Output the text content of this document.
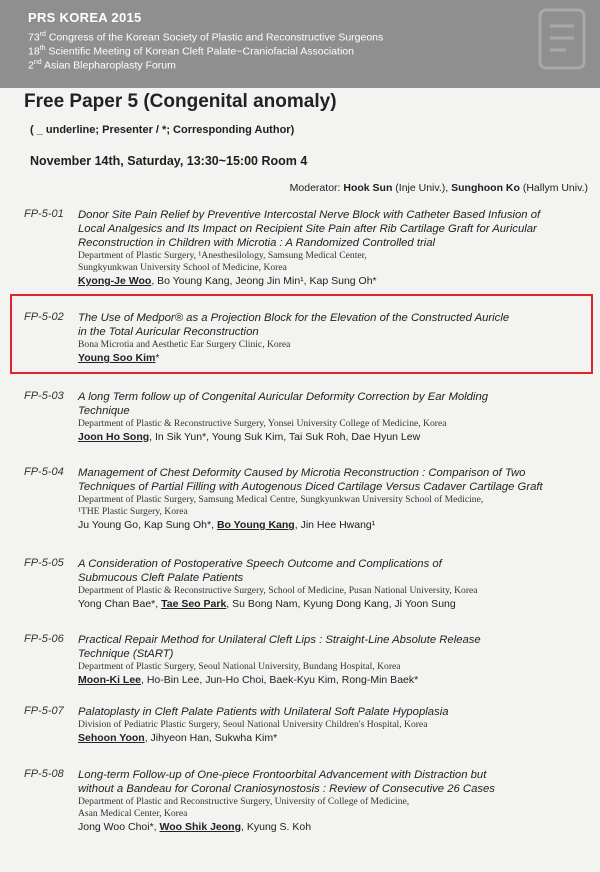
PRS KOREA 2015
73rd Congress of the Korean Society of Plastic and Reconstructive Surgeons
18th Scientific Meeting of Korean Cleft Palate−Craniofacial Association
2nd Asian Blepharoplasty Forum
Free Paper 5 (Congenital anomaly)
( _ underline; Presenter / *; Corresponding Author)
November 14th, Saturday, 13:30~15:00 Room 4
Moderator: Hook Sun (Inje Univ.), Sunghoon Ko (Hallym Univ.)
FP-5-01 Donor Site Pain Relief by Preventive Intercostal Nerve Block with Catheter Based Infusion of
Local Analgesics and Its Impact on Recipient Site Pain after Rib Cartilage Graft for Auricular
Reconstruction in Children with Microtia : A Randomized Controlled trial
Department of Plastic Surgery, ¹Anesthesilology, Samsung Medical Center,
Sungkyunkwan University School of Medicine, Korea
Kyong-Je Woo, Bo Young Kang, Jeong Jin Min¹, Kap Sung Oh*
FP-5-02 The Use of Medpor® as a Projection Block for the Elevation of the Constructed Auricle
in the Total Auricular Reconstruction
Bona Microtia and Aesthetic Ear Surgery Clinic, Korea
Young Soo Kim*
FP-5-03 A long Term follow up of Congenital Auricular Deformity Correction by Ear Molding
Technique
Department of Plastic & Reconstructive Surgery, Yonsei University College of Medicine, Korea
Joon Ho Song, In Sik Yun*, Young Suk Kim, Tai Suk Roh, Dae Hyun Lew
FP-5-04 Management of Chest Deformity Caused by Microtia Reconstruction : Comparison of Two
Techniques of Partial Filling with Autogenous Diced Cartilage Versus Cadaver Cartilage Graft
Department of Plastic Surgery, Samsung Medical Centre, Sungkyunkwan University School of Medicine,
¹THE Plastic Surgery, Korea
Ju Young Go, Kap Sung Oh*, Bo Young Kang, Jin Hee Hwang¹
FP-5-05 A Consideration of Postoperative Speech Outcome and Complications of
Submucous Cleft Palate Patients
Department of Plastic & Reconstructive Surgery, School of Medicine, Pusan National University, Korea
Yong Chan Bae*, Tae Seo Park, Su Bong Nam, Kyung Dong Kang, Ji Yoon Sung
FP-5-06 Practical Repair Method for Unilateral Cleft Lips : Straight-Line Absolute Release
Technique (StART)
Department of Plastic Surgery, Seoul National University, Bundang Hospital, Korea
Moon-Ki Lee, Ho-Bin Lee, Jun-Ho Choi, Baek-Kyu Kim, Rong-Min Baek*
FP-5-07 Palatoplasty in Cleft Palate Patients with Unilateral Soft Palate Hypoplasia
Division of Pediatric Plastic Surgery, Seoul National University Children's Hospital, Korea
Sehoon Yoon, Jihyeon Han, Sukwha Kim*
FP-5-08 Long-term Follow-up of One-piece Frontoorbital Advancement with Distraction but
without a Bandeau for Coronal Craniosynostosis : Review of Consecutive 26 Cases
Department of Plastic and Reconstructive Surgery, University of College of Medicine,
Asan Medical Center, Korea
Jong Woo Choi*, Woo Shik Jeong, Kyung S. Koh
